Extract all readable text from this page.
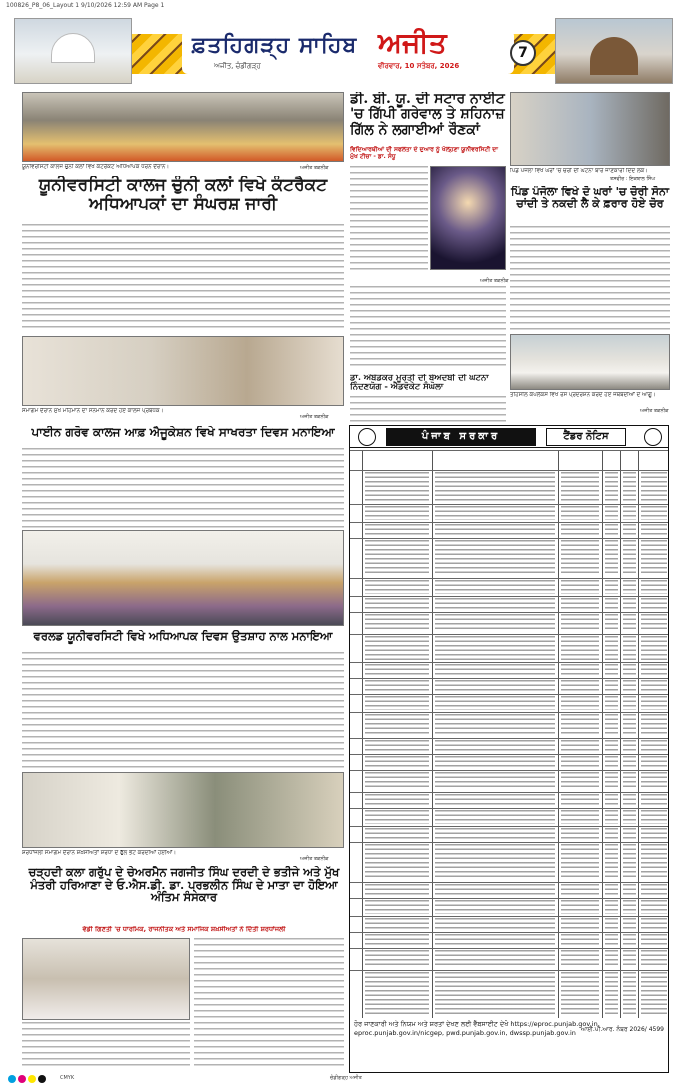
100826_P8_06_Layout 1 9/10/2026 12:59 AM Page 1
ਫ਼ਤਹਿਗੜ੍ਹ ਸਾਹਿਬ
ਅਜੀਤ, ਚੰਡੀਗੜ੍ਹ
ਅਜੀਤ
ਵੀਰਵਾਰ, 10 ਸਤੰਬਰ, 2026
7
ਯੂਨੀਵਰਸਿਟੀ ਕਾਲਜ ਚੁੰਨੀ ਕਲਾਂ ਵਿਖੇ ਕੰਟਰੈਕਟ ਅਧਿਆਪਕ ਧਰਨੇ ਦੌਰਾਨ।	ਅਜੀਤ ਤਕਨੀਕ
ਯੂਨੀਵਰਸਿਟੀ ਕਾਲਜ ਚੁੰਨੀ ਕਲਾਂ ਵਿਖੇ ਕੰਟਰੈਕਟ ਅਧਿਆਪਕਾਂ ਦਾ ਸੰਘਰਸ਼ ਜਾਰੀ
ਡੀ. ਬੀ. ਯੂ. ਦੀ ਸਟਾਰ ਨਾਈਟ 'ਚ ਗਿੱਪੀ ਗਰੇਵਾਲ ਤੇ ਸ਼ਹਿਨਾਜ਼ ਗਿੱਲ ਨੇ ਲਗਾਈਆਂ ਰੌਣਕਾਂ
ਵਿਦਿਆਰਥੀਆਂ ਦੀ ਸਫਲਤਾ ਦੇ ਦੁਆਰ ਨੂੰ ਖੋਲ੍ਹਣਾ ਯੂਨੀਵਰਸਿਟੀ ਦਾ ਮੁੱਖ ਟੀਚਾ - ਡਾ. ਸੰਧੂ
ਅਜੀਤ ਤਕਨੀਕ
ਪਿੰਡ ਪੰਜੋਲਾ ਵਿਖੇ ਘਰਾਂ 'ਚ ਚੋਰੀ ਦੀ ਘਟਨਾ ਬਾਰੇ ਜਾਣਕਾਰੀ ਦਿੰਦੇ ਲੋਕ।
ਤਸਵੀਰ : ਇਕਬਾਲ ਸਿੰਘ
ਪਿੰਡ ਪੰਜੋਲਾ ਵਿਖੇ ਦੋ ਘਰਾਂ 'ਚ ਚੋਰੀ ਸੋਨਾ ਚਾਂਦੀ ਤੇ ਨਕਦੀ ਲੈ ਕੇ ਫ਼ਰਾਰ ਹੋਏ ਚੋਰ
ਸਮਾਗਮ ਦੌਰਾਨ ਮੁੱਖ ਮਹਿਮਾਨ ਦਾ ਸਨਮਾਨ ਕਰਦੇ ਹੋਏ ਕਾਲਜ ਪ੍ਰਬੰਧਕ।
ਅਜੀਤ ਤਕਨੀਕ
ਪਾਈਨ ਗਰੋਵ ਕਾਲਜ ਆਫ਼ ਐਜੂਕੇਸ਼ਨ ਵਿਖੇ ਸਾਖਰਤਾ ਦਿਵਸ ਮਨਾਇਆ
ਡਾ. ਅੰਬੇਡਕਰ ਮੂਰਤੀ ਦੀ ਬੇਅਦਬੀ ਦੀ ਘਟਨਾ ਨਿੰਦਣਯੋਗ - ਐਡਵੋਕੇਟ ਸੰਘੋਲਾ
ਤਹਿਸੀਲ ਕੰਪਲੈਕਸ ਵਿਖੇ ਰੋਸ ਪ੍ਰਦਰਸ਼ਨ ਕਰਦੇ ਹੋਏ ਜਥੇਬੰਦੀਆਂ ਦੇ ਆਗੂ।
ਅਜੀਤ ਤਕਨੀਕ
ਵਰਲਡ ਯੂਨੀਵਰਸਿਟੀ ਵਿਖੇ ਅਧਿਆਪਕ ਦਿਵਸ ਉਤਸ਼ਾਹ ਨਾਲ ਮਨਾਇਆ
ਸ਼ਰਧਾਂਜਲੀ ਸਮਾਗਮ ਦੌਰਾਨ ਸ਼ਖ਼ਸੀਅਤਾਂ ਸ਼ਰਧਾ ਦੇ ਫੁੱਲ ਭੇਟ ਕਰਦੀਆਂ ਹੋਈਆਂ।
ਅਜੀਤ ਤਕਨੀਕ
ਚੜ੍ਹਦੀ ਕਲਾ ਗਰੁੱਪ ਦੇ ਚੇਅਰਮੈਨ ਜਗਜੀਤ ਸਿੰਘ ਦਰਦੀ ਦੇ ਭਤੀਜੇ ਅਤੇ ਮੁੱਖ ਮੰਤਰੀ ਹਰਿਆਣਾ ਦੇ ਓ.ਐਸ.ਡੀ. ਡਾ. ਪ੍ਰਭਲੀਨ ਸਿੰਘ ਦੇ ਮਾਤਾ ਦਾ ਹੋਇਆ ਅੰਤਿਮ ਸੰਸਕਾਰ
ਵੱਡੀ ਗਿਣਤੀ 'ਚ ਧਾਰਮਿਕ, ਰਾਜਨੀਤਕ ਅਤੇ ਸਮਾਜਿਕ ਸ਼ਖ਼ਸੀਅਤਾਂ ਨੇ ਦਿੱਤੀ ਸ਼ਰਧਾਂਜਲੀ
ਪੰਜਾਬ ਸਰਕਾਰ	ਟੈਂਡਰ ਨੋਟਿਸ
ਹੋਰ ਜਾਣਕਾਰੀ ਅਤੇ ਨਿਯਮ ਅਤੇ ਸ਼ਰਤਾਂ ਦੇਖਣ ਲਈ ਵੈੱਬਸਾਈਟ ਦੇਖੋ https://eproc.punjab.gov.in, eproc.punjab.gov.in/nicgep, pwd.punjab.gov.in, dwssp.punjab.gov.in ਆਈ.ਪੀ.ਆਰ. ਨੰਬਰ 2026/ 4599
CMYK	ਚੰਡੀਗੜ੍ਹ ਅਜੀਤ
